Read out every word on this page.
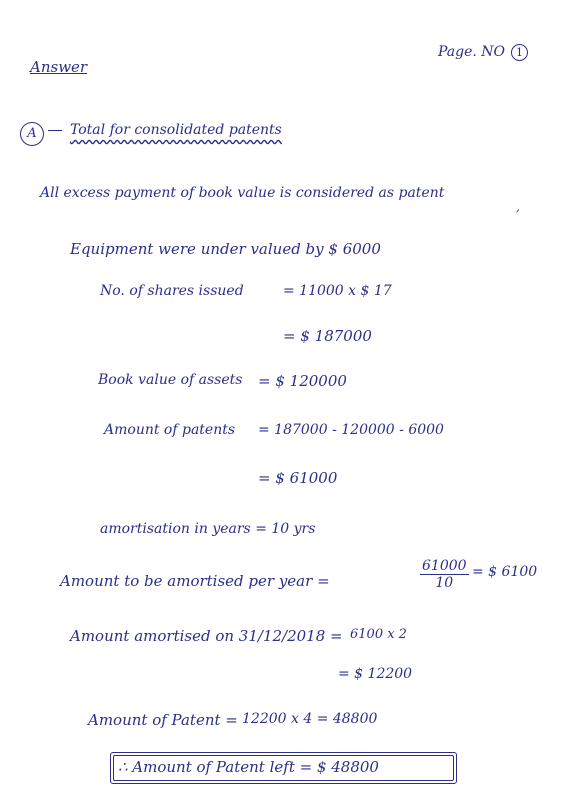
Answer
Page. NO 1
A	Total for consolidated patents
All excess payment of book value is considered as patent
,
Equipment were under valued by $ 6000
No. of shares issued	= 11000 x $ 17
= $ 187000
Book value of assets = $ 120000
Amount of patents = 187000 - 120000 - 6000
= $ 61000
amortisation in years = 10 yrs
Amount to be amortised per year =	$\frac{61000}{10}$ = $ 6100
Amount amortised on 31/12/2018 = 6100 x 2
= $ 12200
Amount of Patent = 12200 x 4 = 48800
∴ Amount of Patent left = $ 48800
